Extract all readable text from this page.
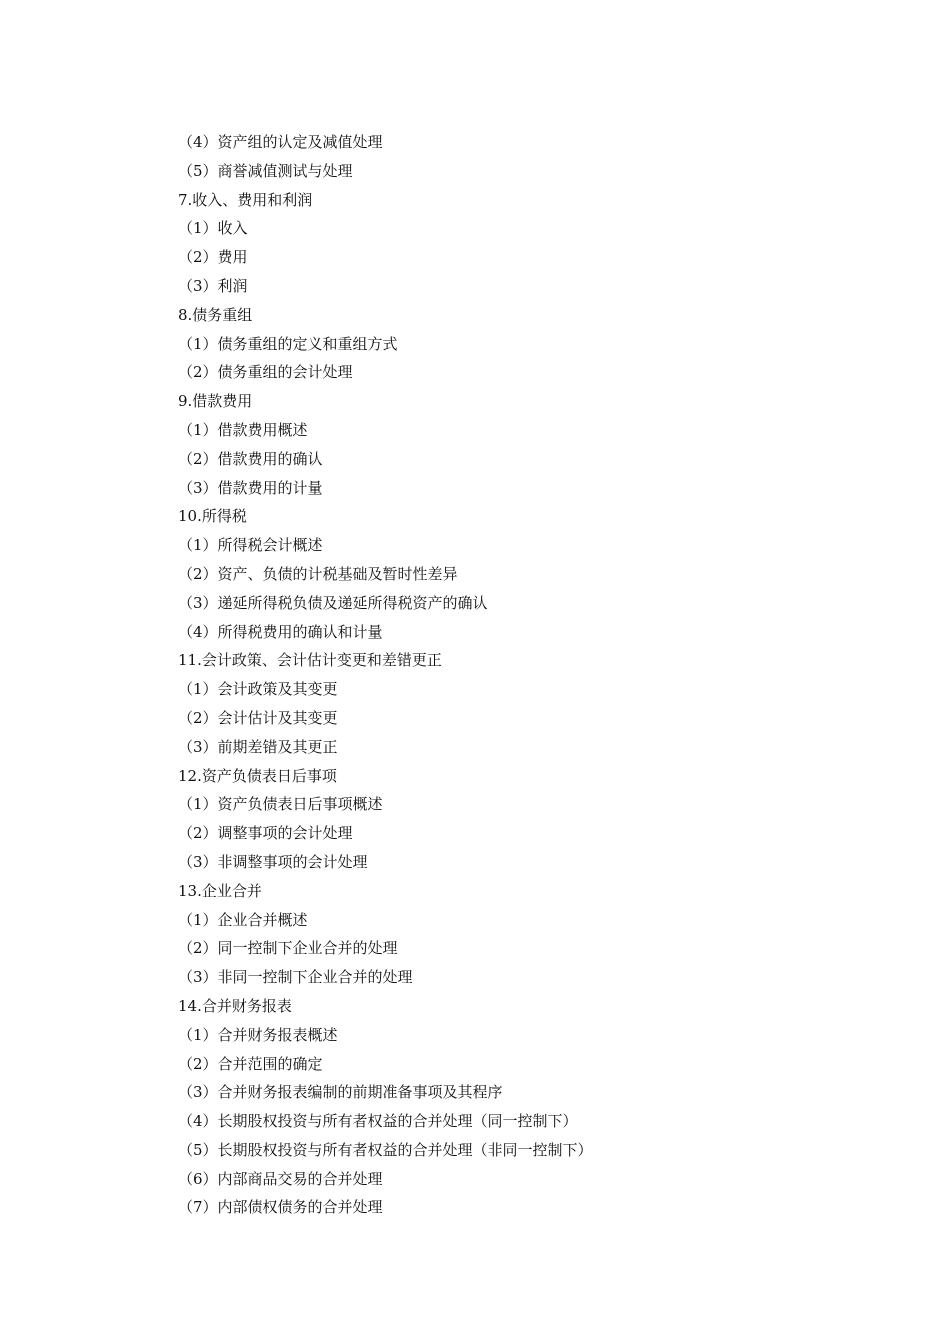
（4）资产组的认定及减值处理
（5）商誉减值测试与处理
7.收入、费用和利润
（1）收入
（2）费用
（3）利润
8.债务重组
（1）债务重组的定义和重组方式
（2）债务重组的会计处理
9.借款费用
（1）借款费用概述
（2）借款费用的确认
（3）借款费用的计量
10.所得税
（1）所得税会计概述
（2）资产、负债的计税基础及暂时性差异
（3）递延所得税负债及递延所得税资产的确认
（4）所得税费用的确认和计量
11.会计政策、会计估计变更和差错更正
（1）会计政策及其变更
（2）会计估计及其变更
（3）前期差错及其更正
12.资产负债表日后事项
（1）资产负债表日后事项概述
（2）调整事项的会计处理
（3）非调整事项的会计处理
13.企业合并
（1）企业合并概述
（2）同一控制下企业合并的处理
（3）非同一控制下企业合并的处理
14.合并财务报表
（1）合并财务报表概述
（2）合并范围的确定
（3）合并财务报表编制的前期准备事项及其程序
（4）长期股权投资与所有者权益的合并处理（同一控制下）
（5）长期股权投资与所有者权益的合并处理（非同一控制下）
（6）内部商品交易的合并处理
（7）内部债权债务的合并处理
